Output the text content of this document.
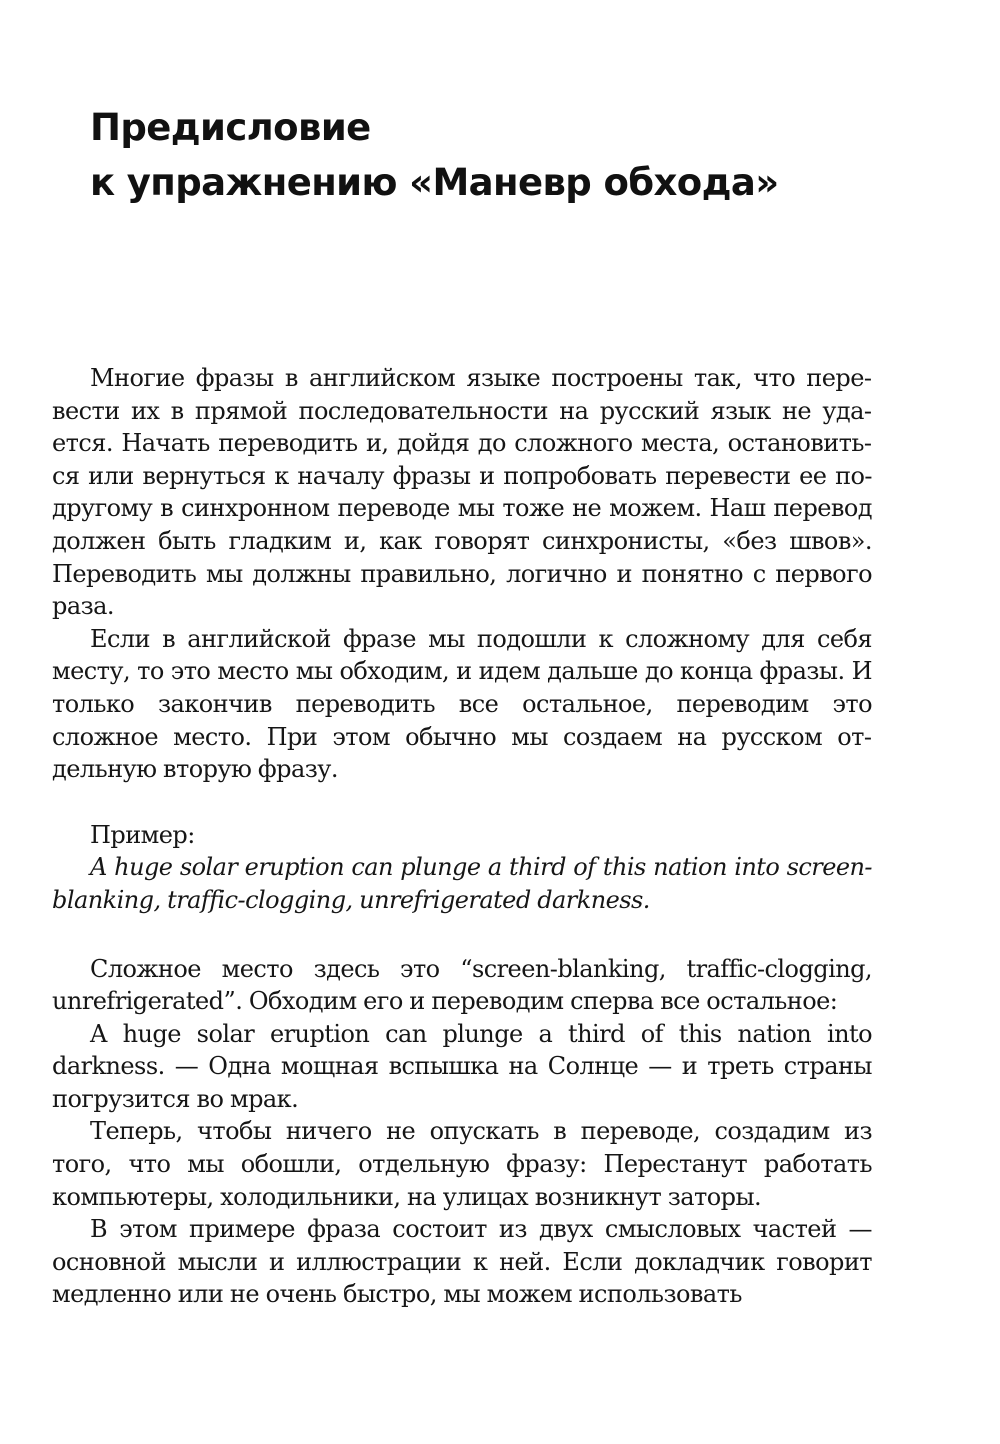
Предисловие
к упражнению «Маневр обхода»

Многие фразы в английском языке построены так, что перевести их в прямой последовательности на русский язык не удается. Начать переводить и, дойдя до сложного места, остановиться или вернуться к началу фразы и попробовать перевести ее по-другому в синхронном переводе мы тоже не можем. Наш перевод должен быть гладким и, как говорят синхронисты, «без швов». Переводить мы должны правильно, логично и понятно с первого раза.

Если в английской фразе мы подошли к сложному для себя месту, то это место мы обходим, и идем дальше до конца фразы. И только закончив переводить все остальное, переводим это сложное место. При этом обычно мы создаем на русском отдельную вторую фразу.

Пример:

A huge solar eruption can plunge a third of this nation into screen-blanking, traffic-clogging, unrefrigerated darkness.

Сложное место здесь это “screen-blanking, traffic-clogging, unrefrigerated”. Обходим его и переводим сперва все остальное:

A huge solar eruption can plunge a third of this nation into darkness. — Одна мощная вспышка на Солнце — и треть страны погрузится во мрак.

Теперь, чтобы ничего не опускать в переводе, создадим из того, что мы обошли, отдельную фразу: Перестанут работать компьютеры, холодильники, на улицах возникнут заторы.

В этом примере фраза состоит из двух смысловых частей — основной мысли и иллюстрации к ней. Если докладчик говорит медленно или не очень быстро, мы можем использовать
